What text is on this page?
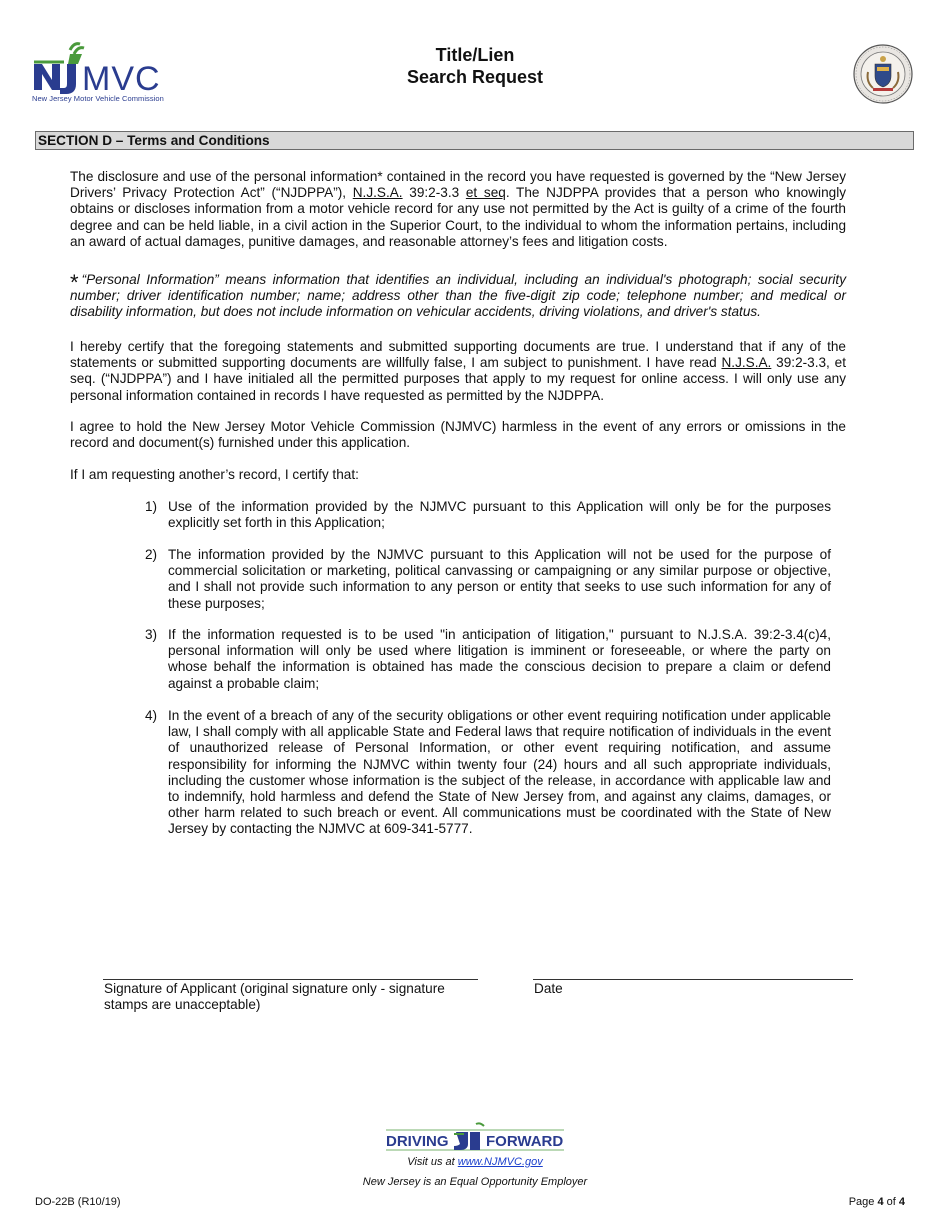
MVC
New Jersey Motor Vehicle Commission
Title/Lien
Search Request
SECTION D – Terms and Conditions
The disclosure and use of the personal information* contained in the record you have requested is governed by the “New Jersey Drivers’ Privacy Protection Act” (“NJDPPA”), N.J.S.A. 39:2-3.3 et seq. The NJDPPA provides that a person who knowingly obtains or discloses information from a motor vehicle record for any use not permitted by the Act is guilty of a crime of the fourth degree and can be held liable, in a civil action in the Superior Court, to the individual to whom the information pertains, including an award of actual damages, punitive damages, and reasonable attorney’s fees and litigation costs.
* “Personal Information” means information that identifies an individual, including an individual's photograph; social security number; driver identification number; name; address other than the five-digit zip code; telephone number; and medical or disability information, but does not include information on vehicular accidents, driving violations, and driver's status.
I hereby certify that the foregoing statements and submitted supporting documents are true. I understand that if any of the statements or submitted supporting documents are willfully false, I am subject to punishment. I have read N.J.S.A. 39:2-3.3, et seq. (“NJDPPA”) and I have initialed all the permitted purposes that apply to my request for online access. I will only use any personal information contained in records I have requested as permitted by the NJDPPA.
I agree to hold the New Jersey Motor Vehicle Commission (NJMVC) harmless in the event of any errors or omissions in the record and document(s) furnished under this application.
If I am requesting another’s record, I certify that:
1) Use of the information provided by the NJMVC pursuant to this Application will only be for the purposes explicitly set forth in this Application;
2) The information provided by the NJMVC pursuant to this Application will not be used for the purpose of commercial solicitation or marketing, political canvassing or campaigning or any similar purpose or objective, and I shall not provide such information to any person or entity that seeks to use such information for any of these purposes;
3) If the information requested is to be used "in anticipation of litigation," pursuant to N.J.S.A. 39:2-3.4(c)4, personal information will only be used where litigation is imminent or foreseeable, or where the party on whose behalf the information is obtained has made the conscious decision to prepare a claim or defend against a probable claim;
4) In the event of a breach of any of the security obligations or other event requiring notification under applicable law, I shall comply with all applicable State and Federal laws that require notification of individuals in the event of unauthorized release of Personal Information, or other event requiring notification, and assume responsibility for informing the NJMVC within twenty four (24) hours and all such appropriate individuals, including the customer whose information is the subject of the release, in accordance with applicable law and to indemnify, hold harmless and defend the State of New Jersey from, and against any claims, damages, or other harm related to such breach or event. All communications must be coordinated with the State of New Jersey by contacting the NJMVC at 609-341-5777.
Signature of Applicant (original signature only - signature stamps are unacceptable)
Date
DRIVING FORWARD
Visit us at www.NJMVC.gov
New Jersey is an Equal Opportunity Employer
DO-22B (R10/19)	Page 4 of 4
